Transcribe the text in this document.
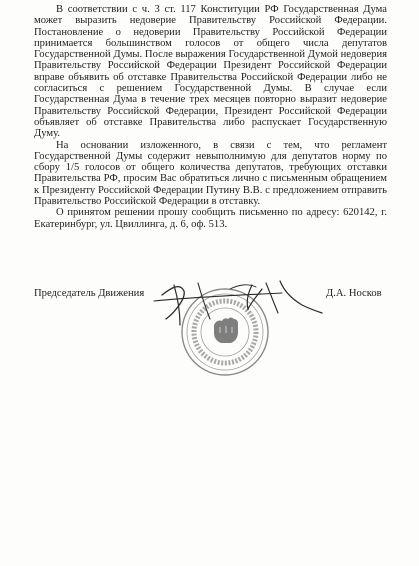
В соответствии с ч. 3 ст. 117 Конституции РФ Государственная Дума может выразить недоверие Правительству Российской Федерации. Постановление о недоверии Правительству Российской Федерации принимается большинством голосов от общего числа депутатов Государственной Думы. После выражения Государственной Думой недоверия Правительству Российской Федерации Президент Российской Федерации вправе объявить об отставке Правительства Российской Федерации либо не согласиться с решением Государственной Думы. В случае если Государственная Дума в течение трех месяцев повторно выразит недоверие Правительству Российской Федерации, Президент Российской Федерации объявляет об отставке Правительства либо распускает Государственную Думу.

На основании изложенного, в связи с тем, что регламент Государственной Думы содержит невыполнимую для депутатов норму по сбору 1/5 голосов от общего количества депутатов, требующих отставки Правительства РФ, просим Вас обратиться лично с письменным обращением к Президенту Российской Федерации Путину В.В. с предложением отправить Правительство Российской Федерации в отставку.

О принятом решении прошу сообщить письменно по адресу: 620142, г. Екатеринбург, ул. Цвиллинга, д. 6, оф. 513.

Председатель Движения	Д.А. Носков
